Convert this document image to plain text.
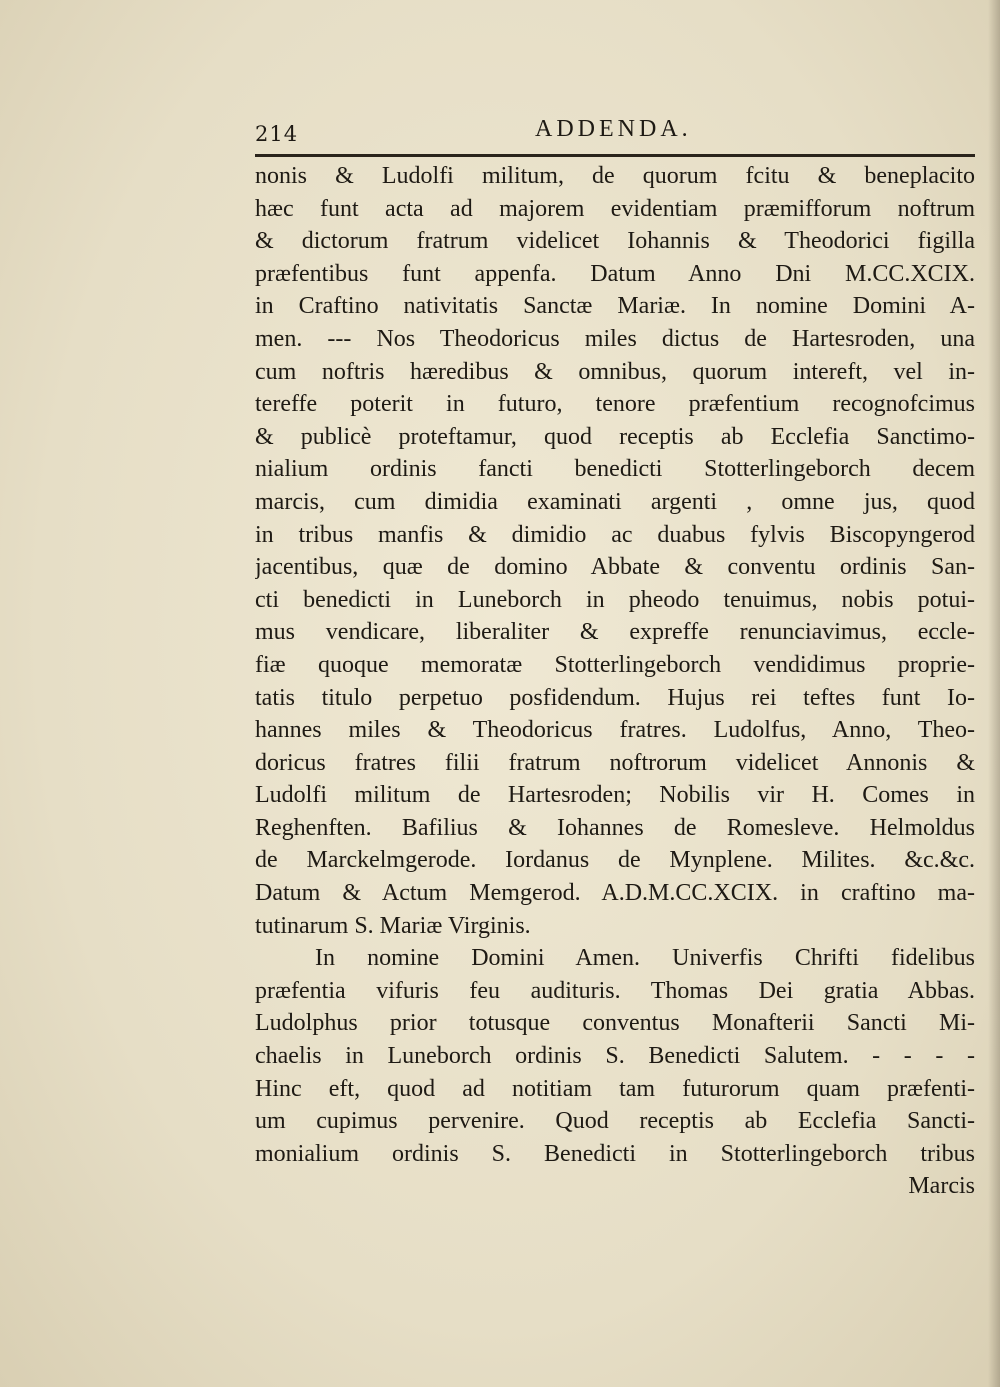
214	ADDENDA.
nonis & Ludolfi militum, de quorum fcitu & beneplacito
hæc funt acta ad majorem evidentiam præmifforum noftrum
& dictorum fratrum videlicet Iohannis & Theodorici figilla
præfentibus funt appenfa. Datum Anno Dni M.CC.XCIX.
in Craftino nativitatis Sanctæ Mariæ. In nomine Domini A-
men. --- Nos Theodoricus miles dictus de Hartesroden, una
cum noftris hæredibus & omnibus, quorum intereft, vel in-
tereffe poterit in futuro, tenore præfentium recognofcimus
& publicè proteftamur, quod receptis ab Ecclefia Sanctimo-
nialium ordinis fancti benedicti Stotterlingeborch decem
marcis, cum dimidia examinati argenti , omne jus, quod
in tribus manfis & dimidio ac duabus fylvis Biscopyngerod
jacentibus, quæ de domino Abbate & conventu ordinis San-
cti benedicti in Luneborch in pheodo tenuimus, nobis potui-
mus vendicare, liberaliter & expreffe renunciavimus, eccle-
fiæ quoque memoratæ Stotterlingeborch vendidimus proprie-
tatis titulo perpetuo posfidendum. Hujus rei teftes funt Io-
hannes miles & Theodoricus fratres. Ludolfus, Anno, Theo-
doricus fratres filii fratrum noftrorum videlicet Annonis &
Ludolfi militum de Hartesroden; Nobilis vir H. Comes in
Reghenften. Bafilius & Iohannes de Romesleve. Helmoldus
de Marckelmgerode. Iordanus de Mynplene. Milites. &c.&c.
Datum & Actum Memgerod. A.D.M.CC.XCIX. in craftino ma-
tutinarum S. Mariæ Virginis.
In nomine Domini Amen. Univerfis Chrifti fidelibus
præfentia vifuris feu audituris. Thomas Dei gratia Abbas.
Ludolphus prior totusque conventus Monafterii Sancti Mi-
chaelis in Luneborch ordinis S. Benedicti Salutem. - - - -
Hinc eft, quod ad notitiam tam futurorum quam præfenti-
um cupimus pervenire. Quod receptis ab Ecclefia Sancti-
monialium ordinis S. Benedicti in Stotterlingeborch tribus
Marcis
